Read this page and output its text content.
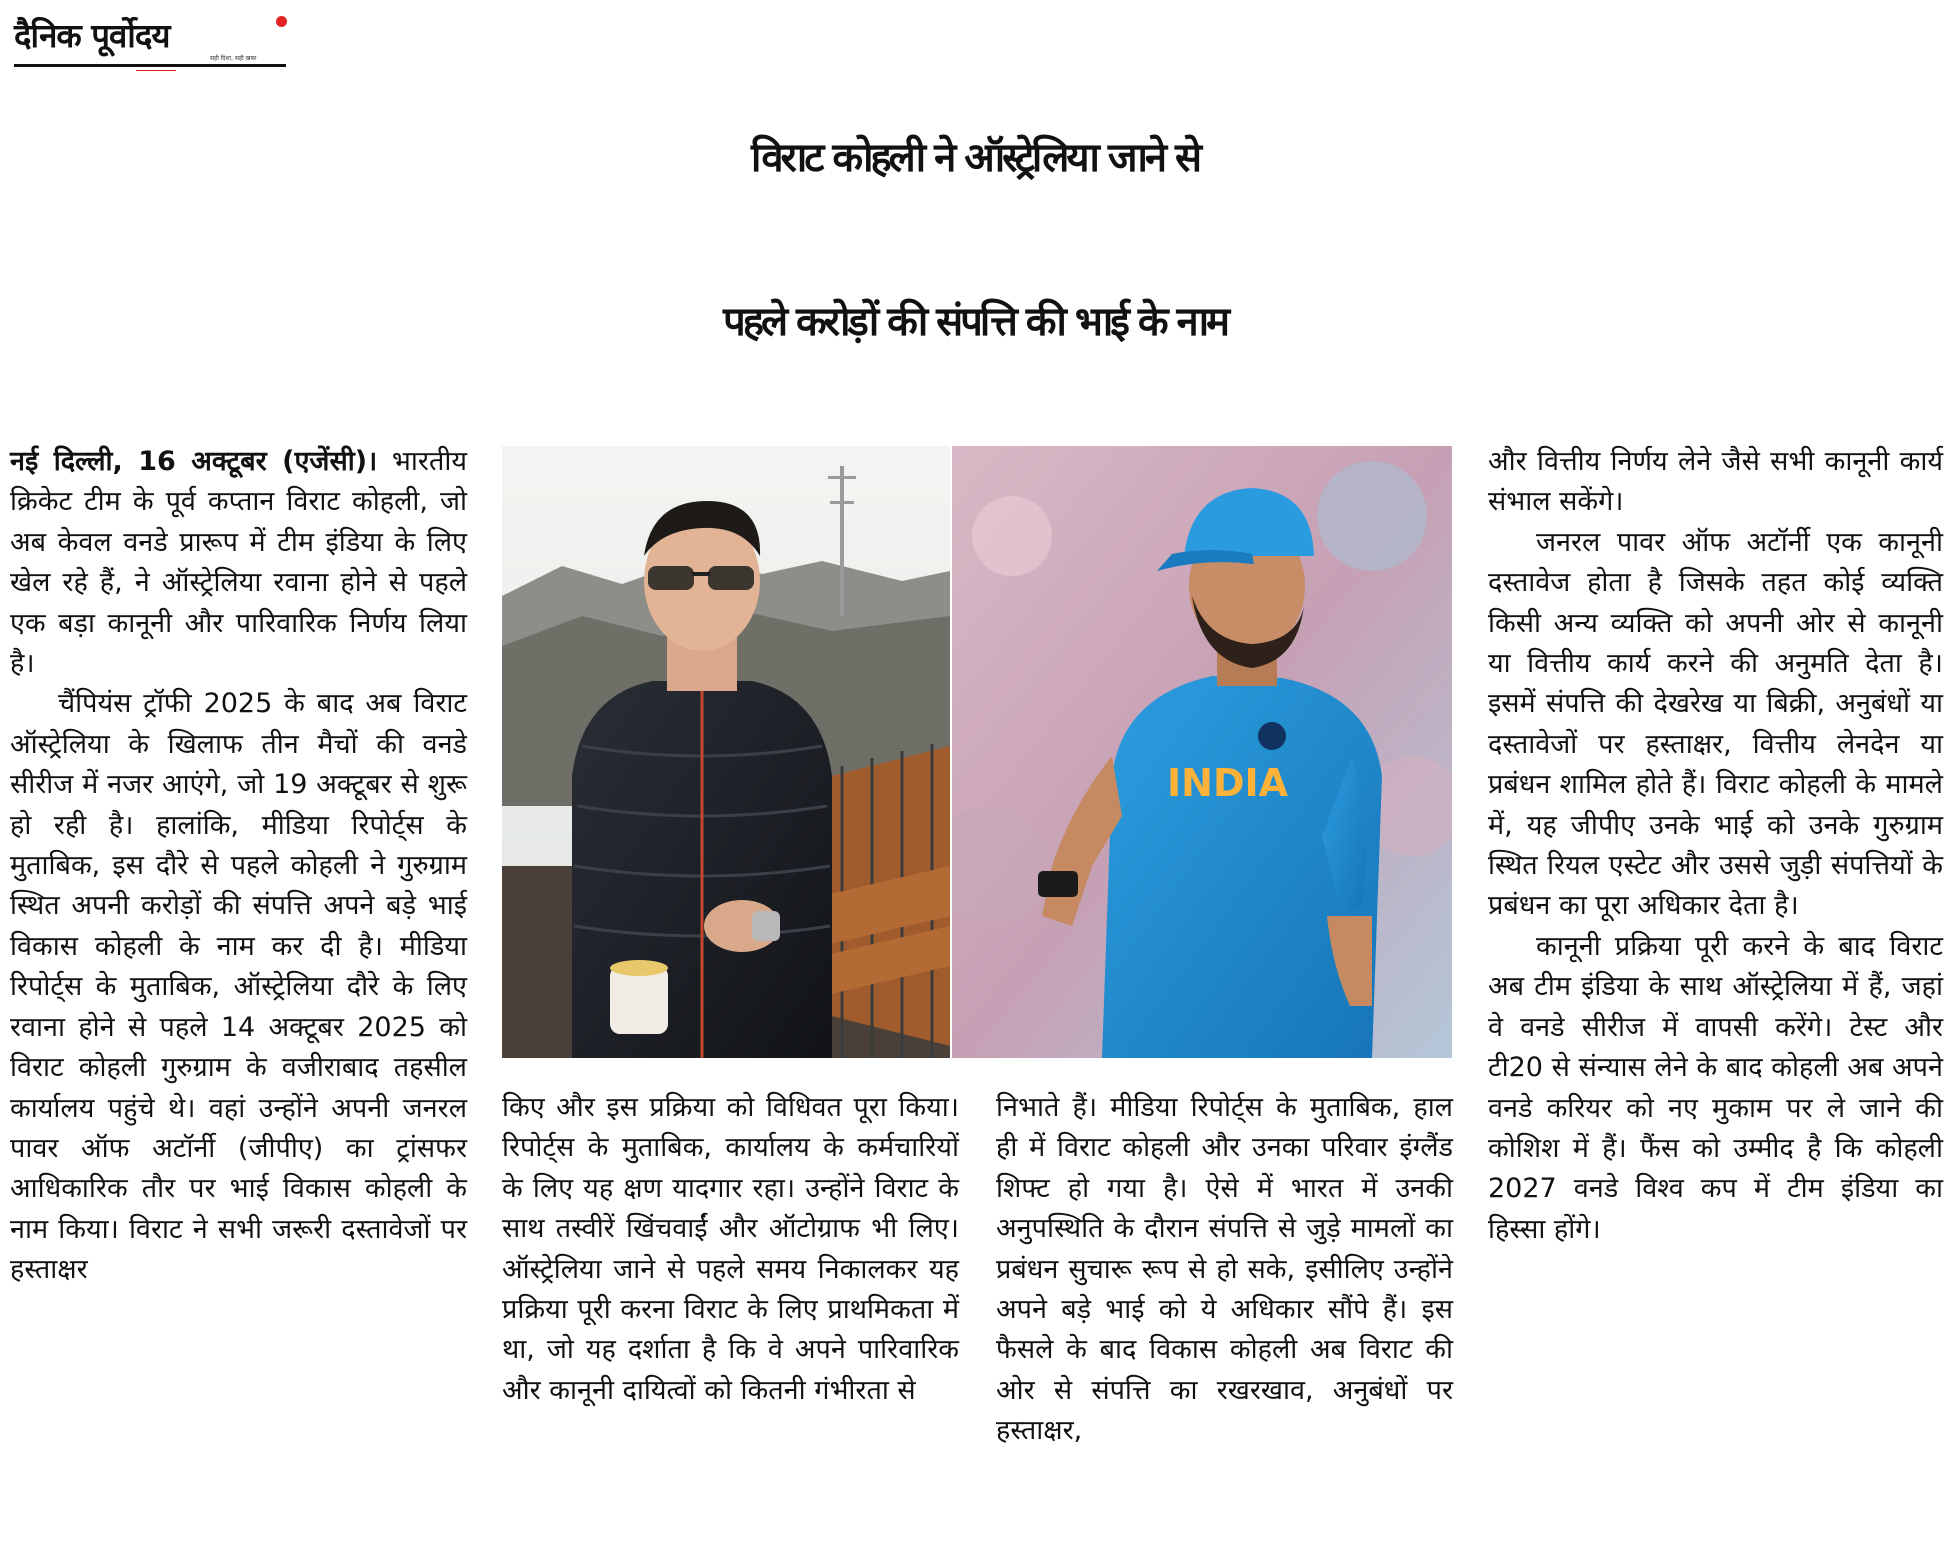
दैनिक पूर्वोदय
सही दिशा, सही खबर
विराट कोहली ने ऑस्ट्रेलिया जाने से
पहले करोड़ों की संपत्ति की भाई के नाम

नई दिल्ली, 16 अक्टूबर (एजेंसी)। भारतीय क्रिकेट टीम के पूर्व कप्तान विराट कोहली, जो अब केवल वनडे प्रारूप में टीम इंडिया के लिए खेल रहे हैं, ने ऑस्ट्रेलिया रवाना होने से पहले एक बड़ा कानूनी और पारिवारिक निर्णय लिया है।

चैंपियंस ट्रॉफी 2025 के बाद अब विराट ऑस्ट्रेलिया के खिलाफ तीन मैचों की वनडे सीरीज में नजर आएंगे, जो 19 अक्टूबर से शुरू हो रही है। हालांकि, मीडिया रिपोर्ट्स के मुताबिक, इस दौरे से पहले कोहली ने गुरुग्राम स्थित अपनी करोड़ों की संपत्ति अपने बड़े भाई विकास कोहली के नाम कर दी है। मीडिया रिपोर्ट्स के मुताबिक, ऑस्ट्रेलिया दौरे के लिए रवाना होने से पहले 14 अक्टूबर 2025 को विराट कोहली गुरुग्राम के वजीराबाद तहसील कार्यालय पहुंचे थे। वहां उन्होंने अपनी जनरल पावर ऑफ अटॉर्नी (जीपीए) का ट्रांसफर आधिकारिक तौर पर भाई विकास कोहली के नाम किया। विराट ने सभी जरूरी दस्तावेजों पर हस्ताक्षर

INDIA

किए और इस प्रक्रिया को विधिवत पूरा किया। रिपोर्ट्स के मुताबिक, कार्यालय के कर्मचारियों के लिए यह क्षण यादगार रहा। उन्होंने विराट के साथ तस्वीरें खिंचवाईं और ऑटोग्राफ भी लिए। ऑस्ट्रेलिया जाने से पहले समय निकालकर यह प्रक्रिया पूरी करना विराट के लिए प्राथमिकता में था, जो यह दर्शाता है कि वे अपने पारिवारिक और कानूनी दायित्वों को कितनी गंभीरता से

निभाते हैं। मीडिया रिपोर्ट्स के मुताबिक, हाल ही में विराट कोहली और उनका परिवार इंग्लैंड शिफ्ट हो गया है। ऐसे में भारत में उनकी अनुपस्थिति के दौरान संपत्ति से जुड़े मामलों का प्रबंधन सुचारू रूप से हो सके, इसीलिए उन्होंने अपने बड़े भाई को ये अधिकार सौंपे हैं। इस फैसले के बाद विकास कोहली अब विराट की ओर से संपत्ति का रखरखाव, अनुबंधों पर हस्ताक्षर,

और वित्तीय निर्णय लेने जैसे सभी कानूनी कार्य संभाल सकेंगे।

जनरल पावर ऑफ अटॉर्नी एक कानूनी दस्तावेज होता है जिसके तहत कोई व्यक्ति किसी अन्य व्यक्ति को अपनी ओर से कानूनी या वित्तीय कार्य करने की अनुमति देता है। इसमें संपत्ति की देखरेख या बिक्री, अनुबंधों या दस्तावेजों पर हस्ताक्षर, वित्तीय लेनदेन या प्रबंधन शामिल होते हैं। विराट कोहली के मामले में, यह जीपीए उनके भाई को उनके गुरुग्राम स्थित रियल एस्टेट और उससे जुड़ी संपत्तियों के प्रबंधन का पूरा अधिकार देता है।

कानूनी प्रक्रिया पूरी करने के बाद विराट अब टीम इंडिया के साथ ऑस्ट्रेलिया में हैं, जहां वे वनडे सीरीज में वापसी करेंगे। टेस्ट और टी20 से संन्यास लेने के बाद कोहली अब अपने वनडे करियर को नए मुकाम पर ले जाने की कोशिश में हैं। फैंस को उम्मीद है कि कोहली 2027 वनडे विश्व कप में टीम इंडिया का हिस्सा होंगे।
